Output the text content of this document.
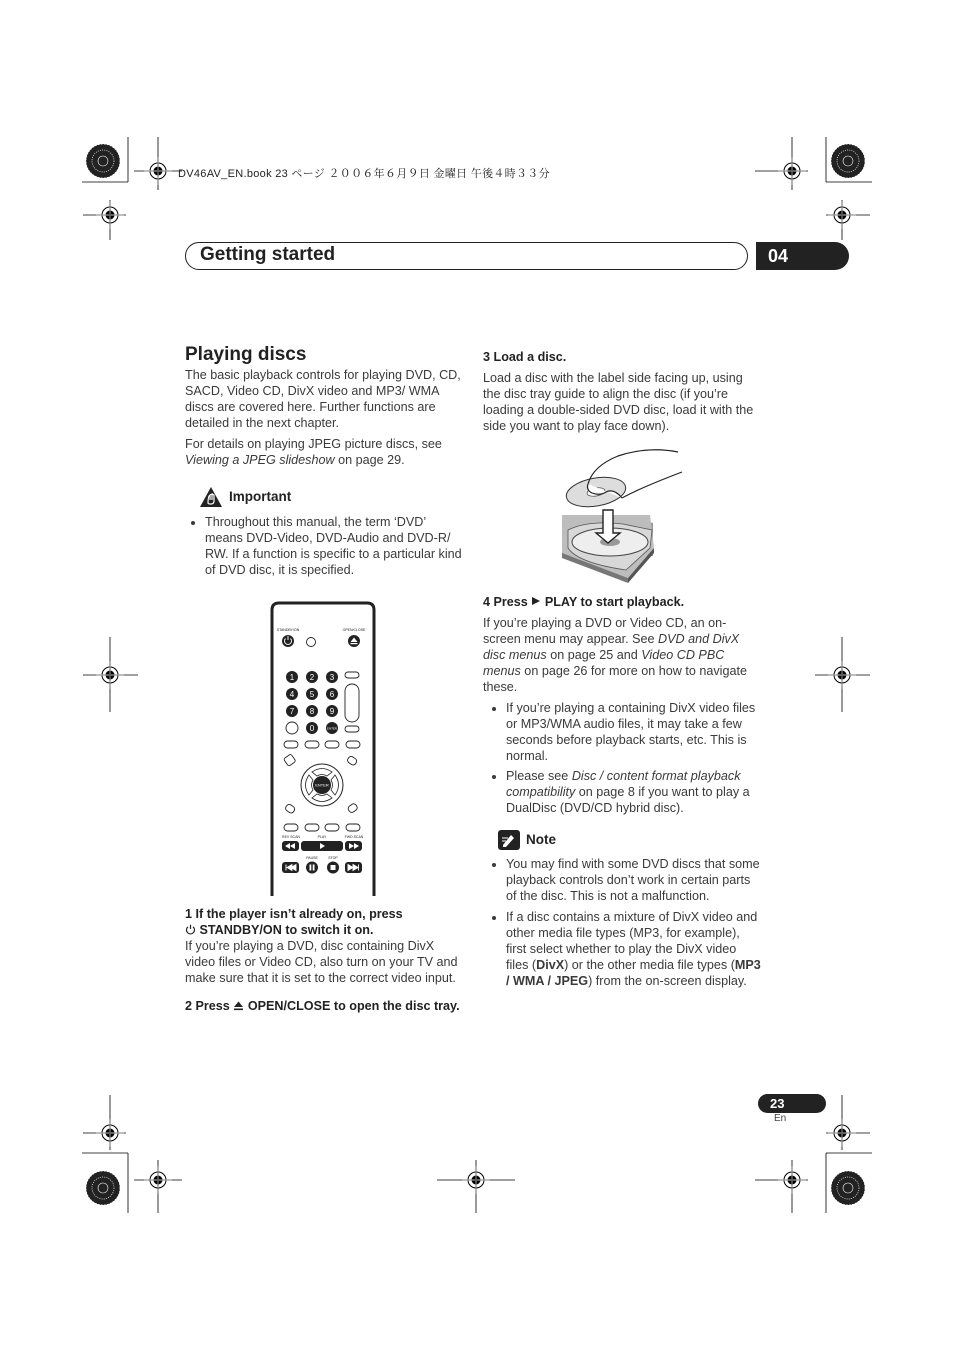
DV46AV_EN.book 23 ページ ２００６年６月９日 金曜日 午後４時３３分
Getting started	04
Playing discs

The basic playback controls for playing DVD, CD, SACD, Video CD, DivX video and MP3/ WMA discs are covered here. Further functions are detailed in the next chapter.

For details on playing JPEG picture discs, see Viewing a JPEG slideshow on page 29.

Important
• Throughout this manual, the term ‘DVD’ means DVD-Video, DVD-Audio and DVD-R/ RW. If a function is specific to a particular kind of DVD disc, it is specified.
STANDBY/ON	OPEN/CLOSE
1 2 3
4 5 6
7 8 9
0	ENTER
ENTER
REV SCAN	PLAY	FWD SCAN
PAUSE	STOP

1 If the player isn’t already on, press
STANDBY/ON to switch it on.

If you’re playing a DVD, disc containing DivX video files or Video CD, also turn on your TV and make sure that it is set to the correct video input.

2 Press  OPEN/CLOSE to open the disc tray.

3 Load a disc.

Load a disc with the label side facing up, using the disc tray guide to align the disc (if you’re loading a double-sided DVD disc, load it with the side you want to play face down).

4 Press  PLAY to start playback.

If you’re playing a DVD or Video CD, an on-screen menu may appear. See DVD and DivX disc menus on page 25 and Video CD PBC menus on page 26 for more on how to navigate these.

• If you’re playing a containing DivX video files or MP3/WMA audio files, it may take a few seconds before playback starts, etc. This is normal.
• Please see Disc / content format playback compatibility on page 8 if you want to play a DualDisc (DVD/CD hybrid disc).
Note
• You may find with some DVD discs that some playback controls don’t work in certain parts of the disc. This is not a malfunction.
• If a disc contains a mixture of DivX video and other media file types (MP3, for example), first select whether to play the DivX video files (DivX) or the other media file types (MP3 / WMA / JPEG) from the on-screen display.
23
En
